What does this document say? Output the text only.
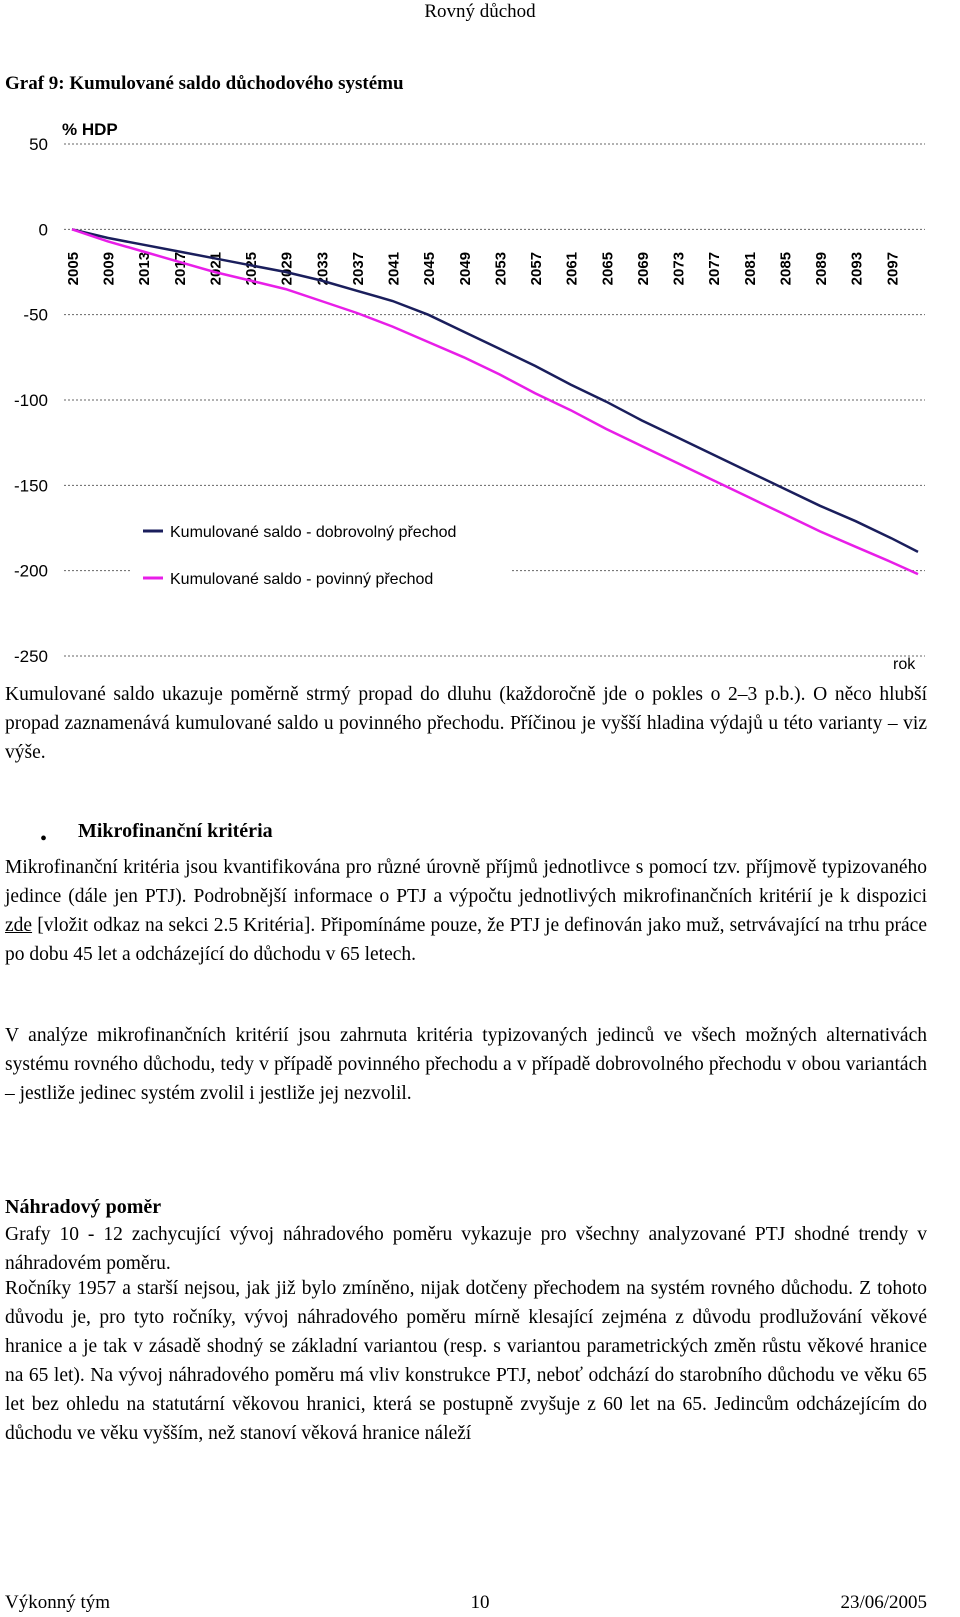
Rovný důchod
Graf 9: Kumulované saldo důchodového systému
50
0
-50
-100
-150
-200
-250
2005 2009 2013 2017 2021 2025 2029 2033 2037 2041 2045 2049 2053 2057 2061 2065 2069 2073 2077 2081 2085 2089 2093 2097
% HDP
rok
Kumulované saldo - dobrovolný přechod
Kumulované saldo - povinný přechod

Kumulované saldo ukazuje poměrně strmý propad do dluhu (každoročně jde o pokles o 2–3 p.b.). O něco hlubší propad zaznamenává kumulované saldo u povinného přechodu. Příčinou je vyšší hladina výdajů u této varianty – viz výše.

• Mikrofinanční kritéria

Mikrofinanční kritéria jsou kvantifikována pro různé úrovně příjmů jednotlivce s pomocí tzv. příjmově typizovaného jedince (dále jen PTJ). Podrobnější informace o PTJ a výpočtu jednotlivých mikrofinančních kritérií je k dispozici zde [vložit odkaz na sekci 2.5 Kritéria]. Připomínáme pouze, že PTJ je definován jako muž, setrvávající na trhu práce po dobu 45 let a odcházející do důchodu v 65 letech.

V analýze mikrofinančních kritérií jsou zahrnuta kritéria typizovaných jedinců ve všech možných alternativách systému rovného důchodu, tedy v případě povinného přechodu a v případě dobrovolného přechodu v obou variantách – jestliže jedinec systém zvolil i jestliže jej nezvolil.

Náhradový poměr

Grafy 10 - 12 zachycující vývoj náhradového poměru vykazuje pro všechny analyzované PTJ shodné trendy v náhradovém poměru.

Ročníky 1957 a starší nejsou, jak již bylo zmíněno, nijak dotčeny přechodem na systém rovného důchodu. Z tohoto důvodu je, pro tyto ročníky, vývoj náhradového poměru mírně klesající zejména z důvodu prodlužování věkové hranice a je tak v zásadě shodný se základní variantou (resp. s variantou parametrických změn růstu věkové hranice na 65 let). Na vývoj náhradového poměru má vliv konstrukce PTJ, neboť odchází do starobního důchodu ve věku 65 let bez ohledu na statutární věkovou hranici, která se postupně zvyšuje z 60 let na 65. Jedincům odcházejícím do důchodu ve věku vyšším, než stanoví věková hranice náleží

Výkonný tým	10	23/06/2005
